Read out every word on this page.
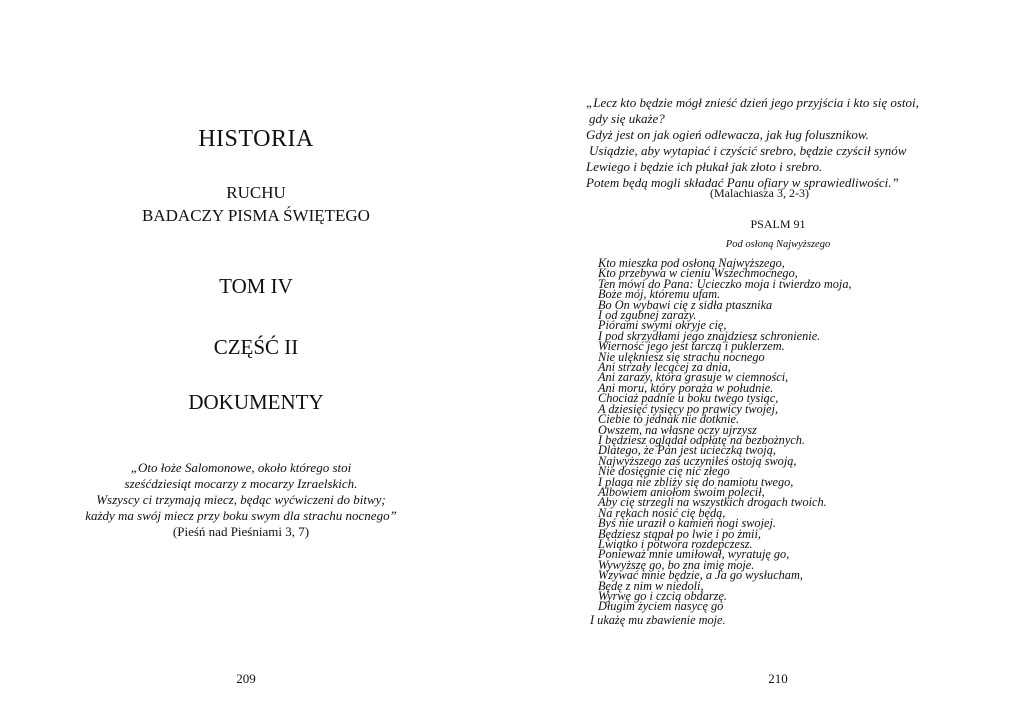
HISTORIA
RUCHU
BADACZY PISMA ŚWIĘTEGO
TOM IV
CZĘŚĆ II
DOKUMENTY
„Oto łoże Salomonowe, około którego stoi
sześćdziesiąt mocarzy z mocarzy Izraelskich.
Wszyscy ci trzymają miecz, będąc wyćwiczeni do bitwy;
każdy ma swój miecz przy boku swym dla strachu nocnego”
(Pieśń nad Pieśniami 3, 7)
209
„Lecz kto będzie mógł znieść dzień jego przyjścia i kto się ostoi,
gdy się ukaże?
Gdyż jest on jak ogień odlewacza, jak ług folusznikow.
Usiądzie, aby wytapiać i czyścić srebro, będzie czyścił synów
Lewiego i będzie ich płukał jak złoto i srebro.
Potem będą mogli składać Panu ofiary w sprawiedliwości.”
(Malachiasza 3, 2-3)
PSALM 91
Pod osłoną Najwyższego
Kto mieszka pod osłoną Najwyższego,
Kto przebywa w cieniu Wszechmocnego,
Ten mówi do Pana: Ucieczko moja i twierdzo moja,
Boże mój, któremu ufam.
Bo On wybawi cię z sidła ptasznika
I od zgubnej zarazy.
Piórami swymi okryje cię,
I pod skrzydłami jego znajdziesz schronienie.
Wierność jego jest tarczą i puklerzem.
Nie ulękniesz się strachu nocnego
Ani strzały lecącej za dnia,
Ani zarazy, która grasuje w ciemności,
Ani moru, który poraża w południe.
Chociaż padnie u boku twego tysiąc,
A dziesięć tysięcy po prawicy twojej,
Ciebie to jednak nie dotknie.
Owszem, na własne oczy ujrzysz
I będziesz oglądał odpłatę na bezbożnych.
Dlatego, że Pan jest ucieczką twoją,
Najwyższego zaś uczyniłeś ostoją swoją,
Nie dosięgnie cię nic złego
I plaga nie zbliży się do namiotu twego,
Albowiem aniołom swoim polecił,
Aby cię strzegli na wszystkich drogach twoich.
Na rękach nosić cię będą,
Byś nie uraził o kamień nogi swojej.
Będziesz stąpał po lwie i po żmii,
Lwiątko i potwora rozdepczesz.
Ponieważ mnie umiłował, wyratuję go,
Wywyższę go, bo zna imię moje.
Wzywać mnie będzie, a Ja go wysłucham,
Będę z nim w niedoli,
Wyrwę go i czcią obdarzę.
Długim życiem nasycę go
I ukażę mu zbawienie moje.
210
